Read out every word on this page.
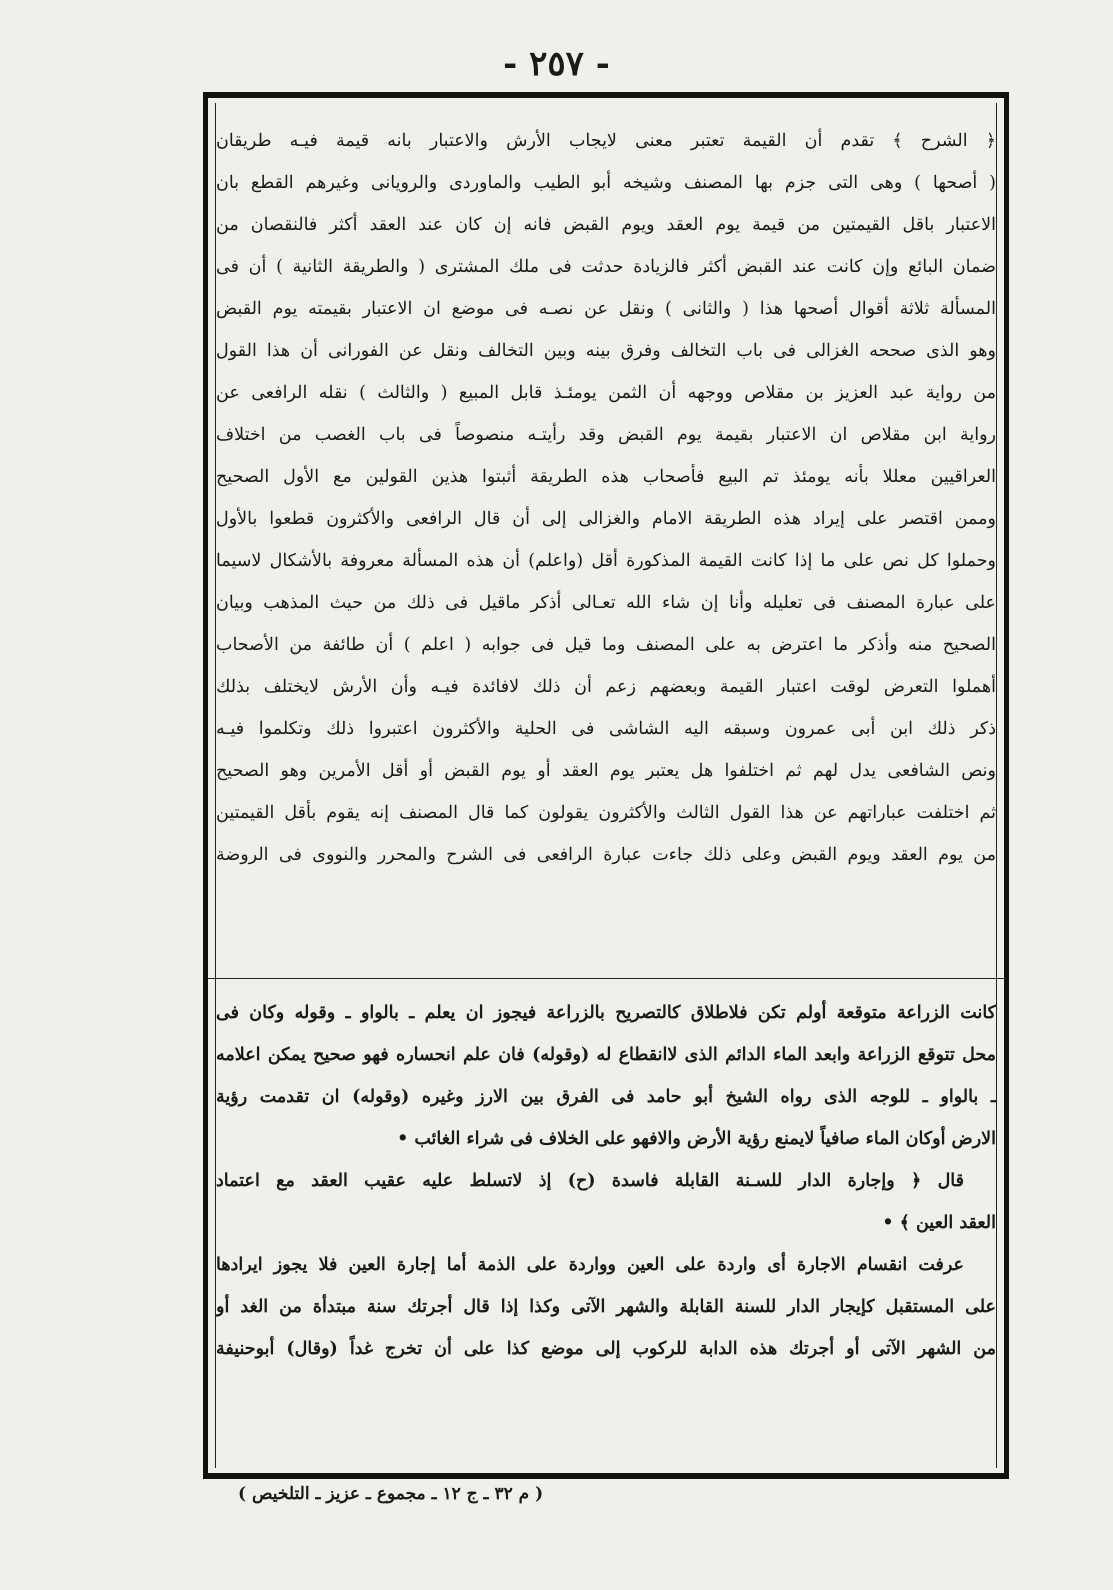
- ٢٥٧ -
﴿ الشرح ﴾ تقدم أن القيمة تعتبر معنى لايجاب الأرش والاعتبار بانه قيمة فيـه طريقان
( أصحها ) وهى التى جزم بها المصنف وشيخه أبو الطيب والماوردى والرويانى وغيرهم القطع بان
الاعتبار باقل القيمتين من قيمة يوم العقد ويوم القبض فانه إن كان عند العقد أكثر فالنقصان من
ضمان البائع وإن كانت عند القبض أكثر فالزيادة حدثت فى ملك المشترى ( والطريقة الثانية ) أن فى
المسألة ثلاثة أقوال أصحها هذا ( والثانى ) ونقل عن نصـه فى موضع ان الاعتبار بقيمته يوم القبض
وهو الذى صححه الغزالى فى باب التخالف وفرق بينه وبين التخالف ونقل عن الفورانى أن هذا القول
من رواية عبد العزيز بن مقلاص ووجهه أن الثمن يومئـذ قابل المبيع ( والثالث ) نقله الرافعى عن
رواية ابن مقلاص ان الاعتبار بقيمة يوم القبض وقد رأيتـه منصوصاً فى باب الغصب من اختلاف
العراقيين معللا بأنه يومئذ تم البيع فأصحاب هذه الطريقة أثبتوا هذين القولين مع الأول الصحيح
وممن اقتصر على إيراد هذه الطريقة الامام والغزالى إلى أن قال الرافعى والأكثرون قطعوا بالأول
وحملوا كل نص على ما إذا كانت القيمة المذكورة أقل (واعلم) أن هذه المسألة معروفة بالأشكال لاسيما
على عبارة المصنف فى تعليله وأنا إن شاء الله تعـالى أذكر ماقيل فى ذلك من حيث المذهب وبيان
الصحيح منه وأذكر ما اعترض به على المصنف وما قيل فى جوابه ( اعلم ) أن طائفة من الأصحاب
أهملوا التعرض لوقت اعتبار القيمة وبعضهم زعم أن ذلك لافائدة فيـه وأن الأرش لايختلف بذلك
ذكر ذلك ابن أبى عمرون وسبقه اليه الشاشى فى الحلية والأكثرون اعتبروا ذلك وتكلموا فيـه
ونص الشافعى يدل لهم ثم اختلفوا هل يعتبر يوم العقد أو يوم القبض أو أقل الأمرين وهو الصحيح
ثم اختلفت عباراتهم عن هذا القول الثالث والأكثرون يقولون كما قال المصنف إنه يقوم بأقل القيمتين
من يوم العقد ويوم القبض وعلى ذلك جاءت عبارة الرافعى فى الشرح والمحرر والنووى فى الروضة
كانت الزراعة متوقعة أولم تكن فلاطلاق كالتصريح بالزراعة فيجوز ان يعلم ـ بالواو ـ وقوله وكان فى
محل تتوقع الزراعة وابعد الماء الدائم الذى لاانقطاع له (وقوله) فان علم انحساره فهو صحيح يمكن اعلامه
ـ بالواو ـ للوجه الذى رواه الشيخ أبو حامد فى الفرق بين الارز وغيره (وقوله) ان تقدمت رؤية
الارض أوكان الماء صافياً لايمنع رؤية الأرض والافهو على الخلاف فى شراء الغائب •
قال ﴿ وإجارة الدار للسـنة القابلة فاسدة (ح) إذ لاتسلط عليه عقيب العقد مع اعتماد
العقد العين ﴾ •
عرفت انقسام الاجارة أى واردة على العين وواردة على الذمة أما إجارة العين فلا يجوز ايرادها
على المستقبل كإيجار الدار للسنة القابلة والشهر الآتى وكذا إذا قال أجرتك سنة مبتدأة من الغد أو
من الشهر الآتى أو أجرتك هذه الدابة للركوب إلى موضع كذا على أن تخرج غداً (وقال) أبوحنيفة
( م ٣٢ ـ ج ١٢ ـ مجموع ـ عزيز ـ التلخيص )
